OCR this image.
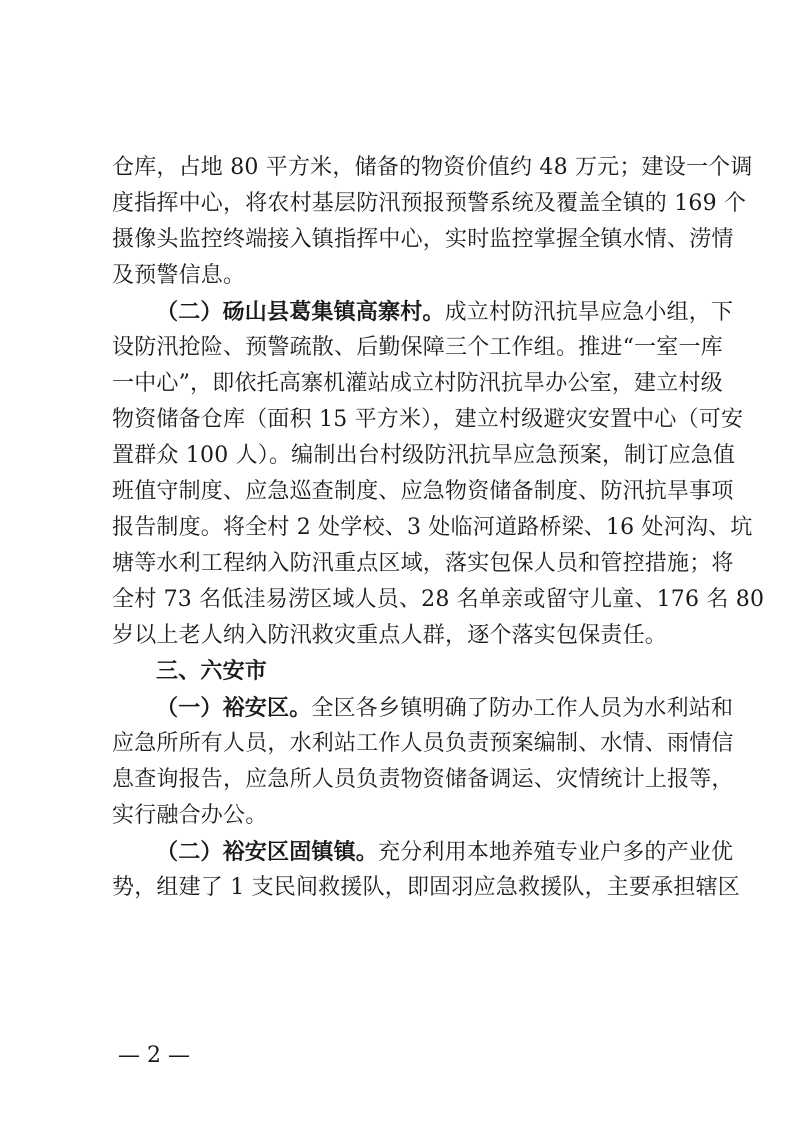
仓库，占地 80 平方米，储备的物资价值约 48 万元；建设一个调
度指挥中心，将农村基层防汛预报预警系统及覆盖全镇的 169 个
摄像头监控终端接入镇指挥中心，实时监控掌握全镇水情、涝情
及预警信息。
（二）砀山县葛集镇高寨村。成立村防汛抗旱应急小组，下
设防汛抢险、预警疏散、后勤保障三个工作组。推进“一室一库
一中心”，即依托高寨机灌站成立村防汛抗旱办公室，建立村级
物资储备仓库（面积 15 平方米），建立村级避灾安置中心（可安
置群众 100 人）。编制出台村级防汛抗旱应急预案，制订应急值
班值守制度、应急巡查制度、应急物资储备制度、防汛抗旱事项
报告制度。将全村 2 处学校、3 处临河道路桥梁、16 处河沟、坑
塘等水利工程纳入防汛重点区域，落实包保人员和管控措施；将
全村 73 名低洼易涝区域人员、28 名单亲或留守儿童、176 名 80
岁以上老人纳入防汛救灾重点人群，逐个落实包保责任。
三、六安市
（一）裕安区。全区各乡镇明确了防办工作人员为水利站和
应急所所有人员，水利站工作人员负责预案编制、水情、雨情信
息查询报告，应急所人员负责物资储备调运、灾情统计上报等，
实行融合办公。
（二）裕安区固镇镇。充分利用本地养殖专业户多的产业优
势，组建了 1 支民间救援队，即固羽应急救援队，主要承担辖区
— 2 —
